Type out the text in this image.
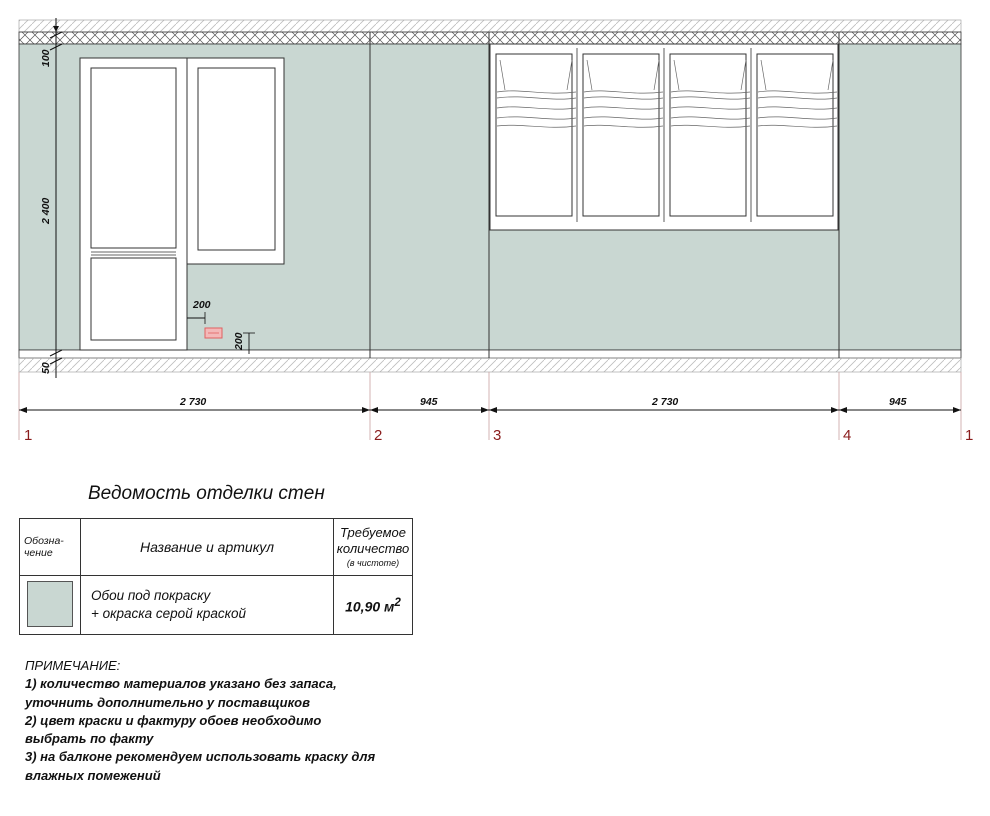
200
200
100
2 400
50
2 730	945	2 730	945
1	2	3	4	1
Ведомость отделки стен
Обозна-
чение	Название и артикул	Требуемое
количество
(в чистоте)

	Обои под покраску
+ окраска серой краской	10,90 $м^2$
ПРИМЕЧАНИЕ:
1) количество материалов указано без запаса,
уточнить дополнительно у поставщиков
2) цвет краски и фактуру обоев необходимо
выбрать по факту
3) на балконе рекомендуем использовать краску для
влажных помежений
